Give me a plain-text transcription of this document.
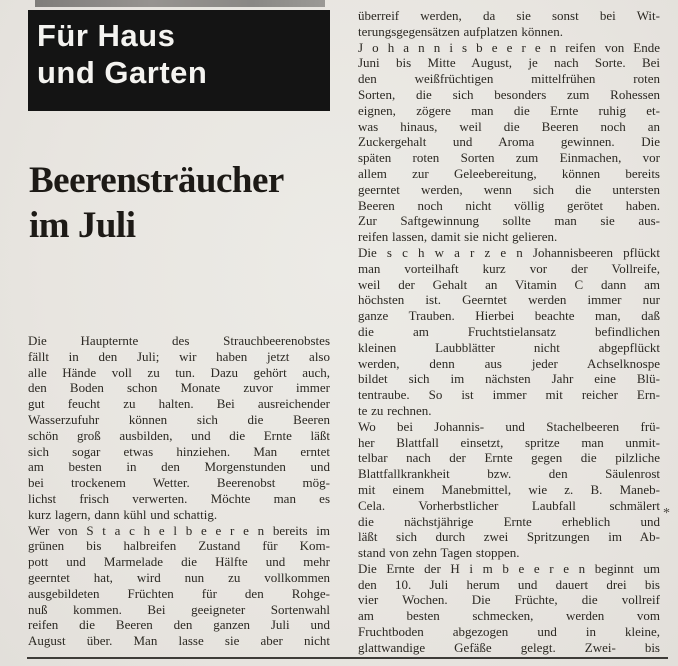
Für Haus
und Garten
Beerensträucher
im Juli
Die Haupternte des Strauchbeerenobstes
fällt in den Juli; wir haben jetzt also
alle Hände voll zu tun. Dazu gehört auch,
den Boden schon Monate zuvor immer
gut feucht zu halten. Bei ausreichender
Wasserzufuhr können sich die Beeren
schön groß ausbilden, und die Ernte läßt
sich sogar etwas hinziehen. Man erntet
am besten in den Morgenstunden und
bei trockenem Wetter. Beerenobst mög-
lichst frisch verwerten. Möchte man es
kurz lagern, dann kühl und schattig.
Wer von S t a c h e l b e e r e n bereits im
grünen bis halbreifen Zustand für Kom-
pott und Marmelade die Hälfte und mehr
geerntet hat, wird nun zu vollkommen
ausgebildeten Früchten für den Rohge-
nuß kommen. Bei geeigneter Sortenwahl
reifen die Beeren den ganzen Juli und
August über. Man lasse sie aber nicht
überreif werden, da sie sonst bei Wit-
terungsgegensätzen aufplatzen können.
J o h a n n i s b e e r e n reifen von Ende
Juni bis Mitte August, je nach Sorte. Bei
den weißfrüchtigen mittelfrühen roten
Sorten, die sich besonders zum Rohessen
eignen, zögere man die Ernte ruhig et-
was hinaus, weil die Beeren noch an
Zuckergehalt und Aroma gewinnen. Die
späten roten Sorten zum Einmachen, vor
allem zur Geleebereitung, können bereits
geerntet werden, wenn sich die untersten
Beeren noch nicht völlig gerötet haben.
Zur Saftgewinnung sollte man sie aus-
reifen lassen, damit sie nicht gelieren.
Die s c h w a r z e n Johannisbeeren pflückt
man vorteilhaft kurz vor der Vollreife,
weil der Gehalt an Vitamin C dann am
höchsten ist. Geerntet werden immer nur
ganze Trauben. Hierbei beachte man, daß
die am Fruchtstielansatz befindlichen
kleinen Laubblätter nicht abgepflückt
werden, denn aus jeder Achselknospe
bildet sich im nächsten Jahr eine Blü-
tentraube. So ist immer mit reicher Ern-
te zu rechnen.
Wo bei Johannis- und Stachelbeeren frü-
her Blattfall einsetzt, spritze man unmit-
telbar nach der Ernte gegen die pilzliche
Blattfallkrankheit bzw. den Säulenrost
mit einem Manebmittel, wie z. B. Maneb-
Cela. Vorherbstlicher Laubfall schmälert
die nächstjährige Ernte erheblich und
läßt sich durch zwei Spritzungen im Ab-
stand von zehn Tagen stoppen.
Die Ernte der H i m b e e r e n beginnt um
den 10. Juli herum und dauert drei bis
vier Wochen. Die Früchte, die vollreif
am besten schmecken, werden vom
Fruchtboden abgezogen und in kleine,
glattwandige Gefäße gelegt. Zwei- bis
*
